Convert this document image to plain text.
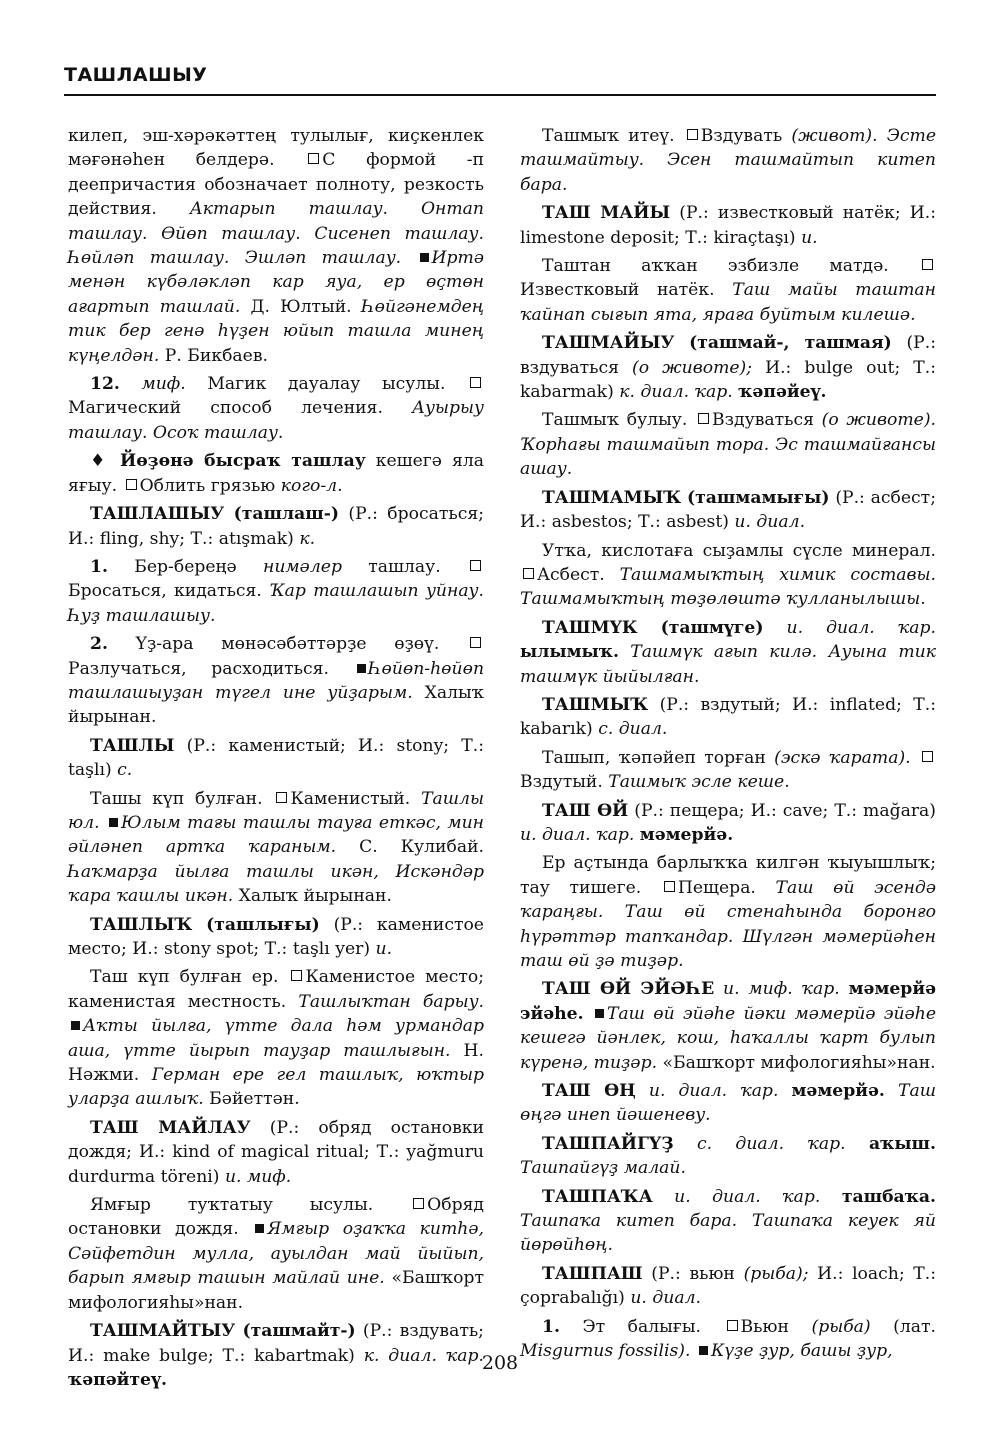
ТАШЛАШЫУ

килеп, эш-хәрәкәттең тулылығ, киҫкенлек мәғәнәһен белдерә.	С формой -п деепричастия обозначает полноту, резкость действия. Актарып ташлау. Онтап ташлау. Өйөп ташлау. Сисенеп ташлау. Һөйләп ташлау. Эшләп ташлау. Иртә менән күбәләкләп кар яуа, ер өҫтөн ағартып ташлай. Д. Юлтый. Һөйгәнемдең тик бер генә һүҙен юйып ташла минең күңелдән. Р. Бикбаев.

12. миф. Магик дауалау ысулы. Магический способ лечения. Ауырыу ташлау. Осоҡ ташлау.

♦ Йөҙөнә бысраҡ ташлау кешегә яла яғыу. Облить грязью кого-л.

ТАШЛАШЫУ (ташлаш-) (Р.: бросаться; И.: fling, shy; Т.: atışmak) к.

1. Бер-береңә нимәлер ташлау. Бросаться, кидаться. Ҡар ташлашып уйнау. Һуҙ ташлашыу.

2. Үҙ-ара мөнәсәбәттәрҙе өҙөү. Разлучаться, расходиться. Һөйөп-һөйөп ташлашыуҙан түгел ине уйҙарым. Халыҡ йырынан.

ТАШЛЫ (Р.: каменистый; И.: stony; Т.: taşlı) с.

Ташы күп булған. Каменистый. Ташлы юл. Юлым тағы ташлы тауға еткәс, мин әйләнеп артҡа ҡараным. С. Кулибай. Һаҡмарҙа йылға ташлы икән, Искәндәр ҡара ҡашлы икән. Халыҡ йырынан.

ТАШЛЫҠ (ташлығы) (Р.: каменистое место; И.: stony spot; Т.: taşlı yer) и.

Таш күп булған ер. Каменистое место; каменистая местность. Ташлыҡтан барыу. Аҡты йылға, үтте дала һәм урмандар аша, үтте йырып тауҙар ташлығын. Н. Нәжми. Герман ере гел ташлыҡ, юҡтыр уларҙа ашлыҡ. Бәйеттән.

ТАШ МАЙЛАУ (Р.: обряд остановки дождя; И.: kind of magical ritual; Т.: yağmuru durdurma töreni) и. миф.

Ямғыр туҡтатыу ысулы.	Обряд остановки дождя. Ямғыр оҙаҡҡа китһә, Сәйфетдин мулла, ауылдан май йыйып, барып ямғыр ташын майлай ине. «Башҡорт мифологияһы»нан.

ТАШМАЙТЫУ (ташмайт-) (Р.: вздувать; И.: make bulge; Т.: kabartmak) к. диал. ҡар. ҡәпәйтеү.

Ташмыҡ итеү. Вздувать (живот). Эсте ташмайтыу. Эсен ташмайтып китеп бара.

ТАШ МАЙЫ (Р.: известковый натёк; И.: limestone deposit; Т.: kiraçtaşı) и.

Таштан аҡҡан эзбизле матдә. Известковый натёк. Таш майы таштан ҡайнап сығып ята, яраға буйтым килешә.

ТАШМАЙЫУ (ташмай-, ташмая) (Р.: вздуваться (о животе); И.: bulge out; Т.: kabarmak) к. диал. ҡар. ҡәпәйеү.

Ташмыҡ булыу. Вздуваться (о животе). Ҡорһағы ташмайып тора. Эс ташмайғансы ашау.

ТАШМАМЫҠ (ташмамығы) (Р.: асбест; И.: asbestos; Т.: asbest) и. диал.

Утҡа, кислотаға сыҙамлы сүсле минерал. Асбест. Ташмамыҡтың химик составы. Ташмамыҡтың төҙөлөштә ҡулланылышы.

ТАШМҮК (ташмүге) и. диал. ҡар. ылымыҡ. Ташмүк ағып килә. Ауына тик ташмүк йыйылған.

ТАШМЫҠ (Р.: вздутый; И.: inflated; Т.: kabarık) с. диал.

Ташып, ҡәпәйеп торған (эскә ҡарата). Вздутый. Ташмыҡ эсле кеше.

ТАШ ӨЙ (Р.: пещера; И.: cave; Т.: mağara) и. диал. ҡар. мәмерйә.

Ер аҫтында барлыҡҡа килгән ҡыуышлыҡ; тау тишеге. Пещера. Таш өй эсендә ҡараңғы. Таш өй стенаһында боронғо һүрәттәр тапҡандар. Шүлгән мәмерйәһен таш өй ҙә тиҙәр.

ТАШ ӨЙ ЭЙӘҺЕ и. миф. ҡар. мәмерйә эйәһе. Таш өй эйәһе йәки мәмерйә эйәһе кешегә йәнлек, кош, һаҡаллы ҡарт булып күренә, тиҙәр. «Башҡорт мифологияһы»нан.

ТАШ ӨҢ и. диал. ҡар. мәмерйә. Таш өңгә инеп йәшеневу.

ТАШПАЙГҮҘ с. диал. ҡар. аҡыш. Ташпайгүҙ малай.

ТАШПАҠА и. диал. ҡар. ташбаҡа. Ташпаҡа китеп бара. Ташпаҡа кеуек яй йөрөйһөң.

ТАШПАШ (Р.: вьюн (рыба); И.: loach; Т.: çoprabalığı) и. диал.

1. Эт балығы. Вьюн (рыба) (лат. Misgurnus fossilis). Күҙе ҙур, башы ҙур,

208
